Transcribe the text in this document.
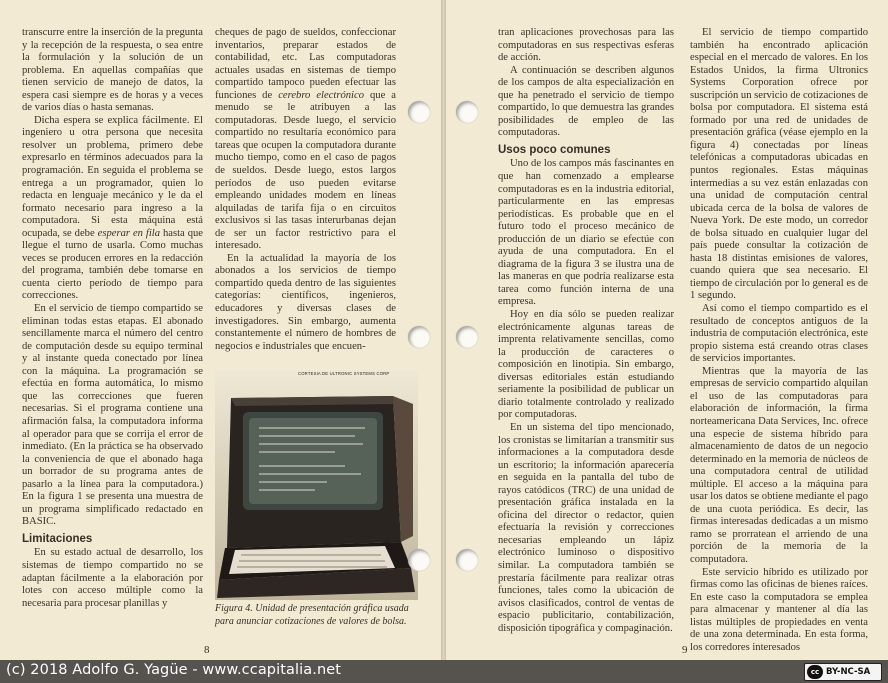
transcurre entre la inserción de la pregunta y la recepción de la respuesta, o sea entre la formulación y la solución de un problema. En aquellas compañías que tienen servicio de manejo de datos, la espera casi siempre es de horas y a veces de varios días o hasta semanas.

Dicha espera se explica fácilmente. El ingeniero u otra persona que necesita resolver un problema, primero debe expresarlo en términos adecuados para la programación. En seguida el problema se entrega a un programador, quien lo redacta en lenguaje mecánico y le da el formato necesario para ingreso a la computadora. Si esta máquina está ocupada, se debe esperar en fila hasta que llegue el turno de usarla. Como muchas veces se producen errores en la redacción del programa, también debe tomarse en cuenta cierto período de tiempo para correcciones.

En el servicio de tiempo compartido se eliminan todas estas etapas. El abonado sencillamente marca el número del centro de computación desde su equipo terminal y al instante queda conectado por línea con la máquina. La programación se efectúa en forma automática, lo mismo que las correcciones que fueren necesarias. Si el programa contiene una afirmación falsa, la computadora informa al operador para que se corrija el error de inmediato. (En la práctica se ha observado la conveniencia de que el abonado haga un borrador de su programa antes de pasarlo a la línea para la computadora.) En la figura 1 se presenta una muestra de un programa simplificado redactado en BASIC.

Limitaciones

En su estado actual de desarrollo, los sistemas de tiempo compartido no se adaptan fácilmente a la elaboración por lotes con acceso múltiple como la necesaria para procesar planillas y

cheques de pago de sueldos, confeccionar inventarios, preparar estados de contabilidad, etc. Las computadoras actuales usadas en sistemas de tiempo compartido tampoco pueden efectuar las funciones de cerebro electrónico que a menudo se le atribuyen a las computadoras. Desde luego, el servicio compartido no resultaría económico para tareas que ocupen la computadora durante mucho tiempo, como en el caso de pagos de sueldos. Desde luego, estos largos períodos de uso pueden evitarse empleando unidades modem en líneas alquiladas de tarifa fija o en circuitos exclusivos si las tasas interurbanas dejan de ser un factor restrictivo para el interesado.

En la actualidad la mayoría de los abonados a los servicios de tiempo compartido queda dentro de las siguientes categorías: científicos, ingenieros, educadores y diversas clases de investigadores. Sin embargo, aumenta constantemente el número de hombres de negocios e industriales que encuen-

CORTESIA DE ULTRONIC SYSTEMS CORP
Figura 4. Unidad de presentación gráfica usada para anunciar cotizaciones de valores de bolsa.
8

tran aplicaciones provechosas para las computadoras en sus respectivas esferas de acción.

A continuación se describen algunos de los campos de alta especialización en que ha penetrado el servicio de tiempo compartido, lo que demuestra las grandes posibilidades de empleo de las computadoras.

Usos poco comunes

Uno de los campos más fascinantes en que han comenzado a emplearse computadoras es en la industria editorial, particularmente en las empresas periodísticas. Es probable que en el futuro todo el proceso mecánico de producción de un diario se efectúe con ayuda de una computadora. En el diagrama de la figura 3 se ilustra una de las maneras en que podría realizarse esta tarea como función interna de una empresa.

Hoy en día sólo se pueden realizar electrónicamente algunas tareas de imprenta relativamente sencillas, como la producción de caracteres o composición en linotipia. Sin embargo, diversas editoriales están estudiando seriamente la posibilidad de publicar un diario totalmente controlado y realizado por computadoras.

En un sistema del tipo mencionado, los cronistas se limitarían a transmitir sus informaciones a la computadora desde un escritorio; la información aparecería en seguida en la pantalla del tubo de rayos catódicos (TRC) de una unidad de presentación gráfica instalada en la oficina del director o redactor, quien efectuaría la revisión y correcciones necesarias empleando un lápiz electrónico luminoso o dispositivo similar. La computadora también se prestaría fácilmente para realizar otras funciones, tales como la ubicación de avisos clasificados, control de ventas de espacio publicitario, contabilización, disposición tipográfica y compaginación.

El servicio de tiempo compartido también ha encontrado aplicación especial en el mercado de valores. En los Estados Unidos, la firma Ultronics Systems Corporation ofrece por suscripción un servicio de cotizaciones de bolsa por computadora. El sistema está formado por una red de unidades de presentación gráfica (véase ejemplo en la figura 4) conectadas por líneas telefónicas a computadoras ubicadas en puntos regionales. Estas máquinas intermedias a su vez están enlazadas con una unidad de computación central ubicada cerca de la bolsa de valores de Nueva York. De este modo, un corredor de bolsa situado en cualquier lugar del país puede consultar la cotización de hasta 18 distintas emisiones de valores, cuando quiera que sea necesario. El tiempo de circulación por lo general es de 1 segundo.

Así como el tiempo compartido es el resultado de conceptos antiguos de la industria de computación electrónica, este propio sistema está creando otras clases de servicios importantes.

Mientras que la mayoría de las empresas de servicio compartido alquilan el uso de las computadoras para elaboración de información, la firma norteamericana Data Services, Inc. ofrece una especie de sistema híbrido para almacenamiento de datos de un negocio determinado en la memoria de núcleos de una computadora central de utilidad múltiple. El acceso a la máquina para usar los datos se obtiene mediante el pago de una cuota periódica. Es decir, las firmas interesadas dedicadas a un mismo ramo se prorratean el arriendo de una porción de la memoria de la computadora.

Este servicio híbrido es utilizado por firmas como las oficinas de bienes raíces. En este caso la computadora se emplea para almacenar y mantener al día las listas múltiples de propiedades en venta de una zona determinada. En esta forma, los corredores interesados

9
(c) 2018 Adolfo G. Yagüe - www.ccapitalia.net	cc BY-NC-SA
